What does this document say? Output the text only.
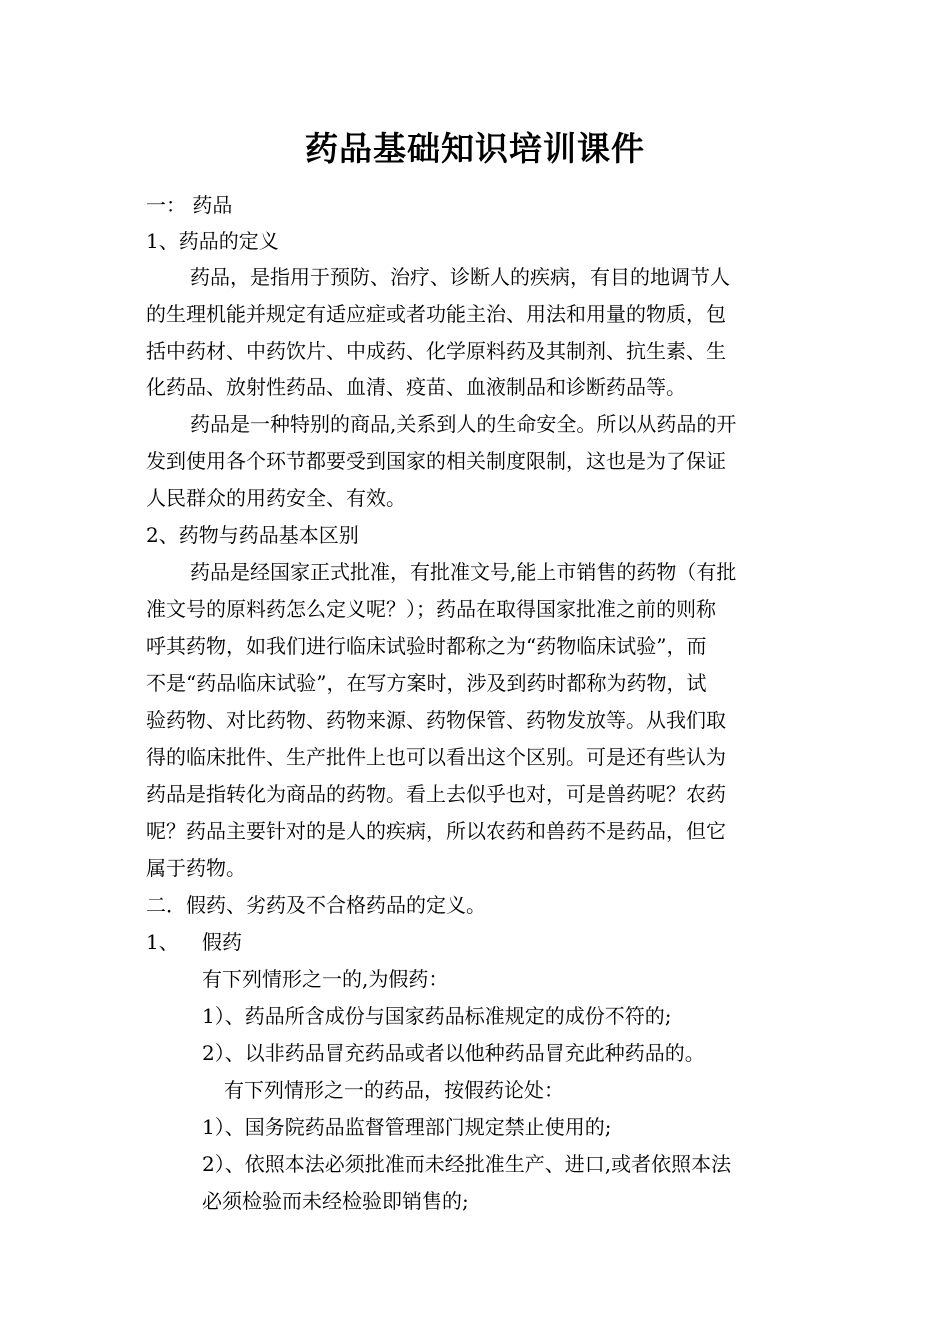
药品基础知识培训课件
一： 药品
1、药品的定义
药品，是指用于预防、治疗、诊断人的疾病，有目的地调节人
的生理机能并规定有适应症或者功能主治、用法和用量的物质，包
括中药材、中药饮片、中成药、化学原料药及其制剂、抗生素、生
化药品、放射性药品、血清、疫苗、血液制品和诊断药品等。
药品是一种特别的商品,关系到人的生命安全。所以从药品的开
发到使用各个环节都要受到国家的相关制度限制，这也是为了保证
人民群众的用药安全、有效。
2、药物与药品基本区别
药品是经国家正式批准，有批准文号,能上市销售的药物（有批
准文号的原料药怎么定义呢？）；药品在取得国家批准之前的则称
呼其药物，如我们进行临床试验时都称之为“药物临床试验”，而
不是“药品临床试验”，在写方案时，涉及到药时都称为药物，试
验药物、对比药物、药物来源、药物保管、药物发放等。从我们取
得的临床批件、生产批件上也可以看出这个区别。可是还有些认为
药品是指转化为商品的药物。看上去似乎也对，可是兽药呢？农药
呢？药品主要针对的是人的疾病，所以农药和兽药不是药品，但它
属于药物。
二．假药、劣药及不合格药品的定义。
1、 假药
有下列情形之一的,为假药：
1）、药品所含成份与国家药品标准规定的成份不符的;
2）、以非药品冒充药品或者以他种药品冒充此种药品的。
有下列情形之一的药品，按假药论处：
1）、国务院药品监督管理部门规定禁止使用的;
2）、依照本法必须批准而未经批准生产、进口,或者依照本法
必须检验而未经检验即销售的;
